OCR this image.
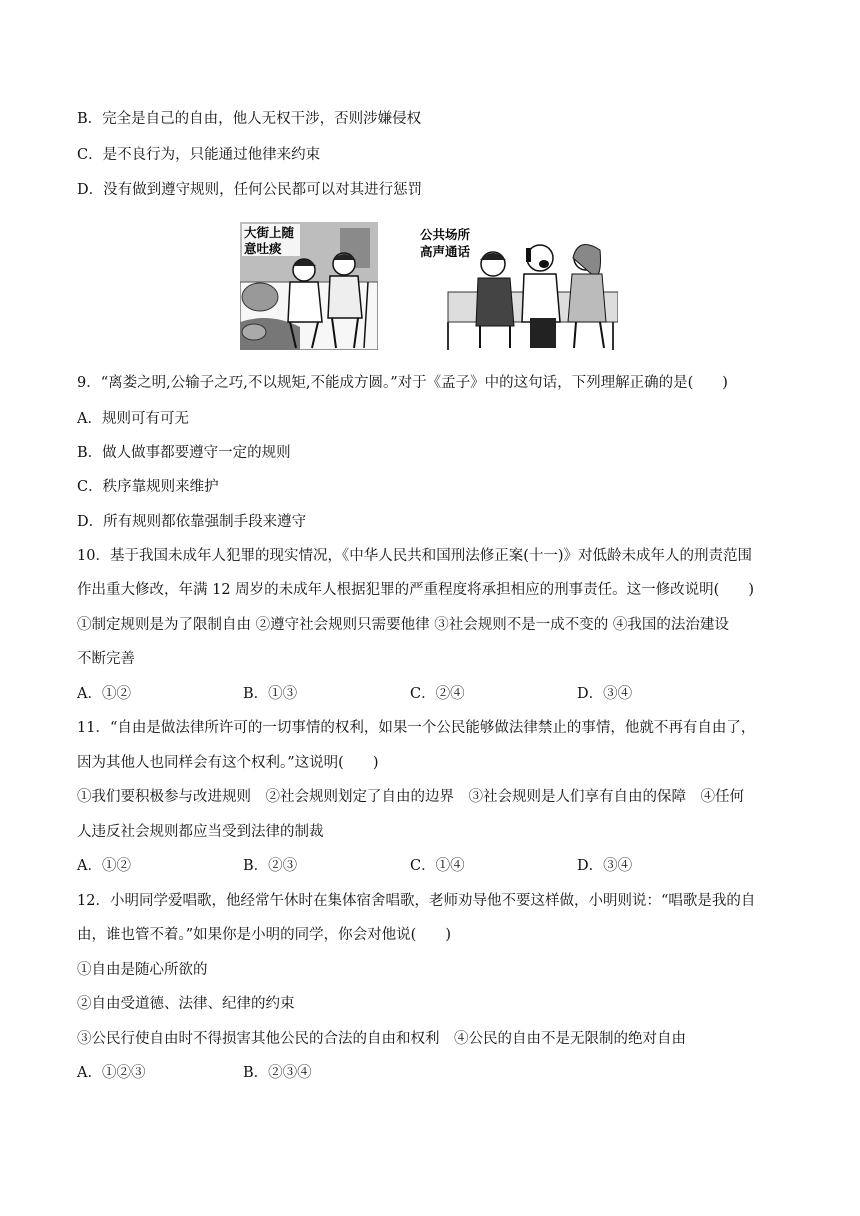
B．完全是自己的自由，他人无权干涉，否则涉嫌侵权
C．是不良行为，只能通过他律来约束
D．没有做到遵守规则，任何公民都可以对其进行惩罚
大街上随
意吐痰
公共场所
高声通话
9．“离娄之明,公输子之巧,不以规矩,不能成方圆。”对于《孟子》中的这句话，下列理解正确的是(　　)
A．规则可有可无
B．做人做事都要遵守一定的规则
C．秩序靠规则来维护
D．所有规则都依靠强制手段来遵守
10．基于我国未成年人犯罪的现实情况，《中华人民共和国刑法修正案(十一)》对低龄未成年人的刑责范围
作出重大修改，年满 12 周岁的未成年人根据犯罪的严重程度将承担相应的刑事责任。这一修改说明(　　)
①制定规则是为了限制自由 ②遵守社会规则只需要他律 ③社会规则不是一成不变的 ④我国的法治建设
不断完善
A．①②	B．①③	C．②④	D．③④
11．“自由是做法律所许可的一切事情的权利，如果一个公民能够做法律禁止的事情，他就不再有自由了，
因为其他人也同样会有这个权利。”这说明(　　)
①我们要积极参与改进规则　②社会规则划定了自由的边界　③社会规则是人们享有自由的保障　④任何
人违反社会规则都应当受到法律的制裁
A．①②	B．②③	C．①④	D．③④
12．小明同学爱唱歌，他经常午休时在集体宿舍唱歌，老师劝导他不要这样做，小明则说：“唱歌是我的自
由，谁也管不着。”如果你是小明的同学，你会对他说(　　)
①自由是随心所欲的
②自由受道德、法律、纪律的约束
③公民行使自由时不得损害其他公民的合法的自由和权利　④公民的自由不是无限制的绝对自由
A．①②③	B．②③④
